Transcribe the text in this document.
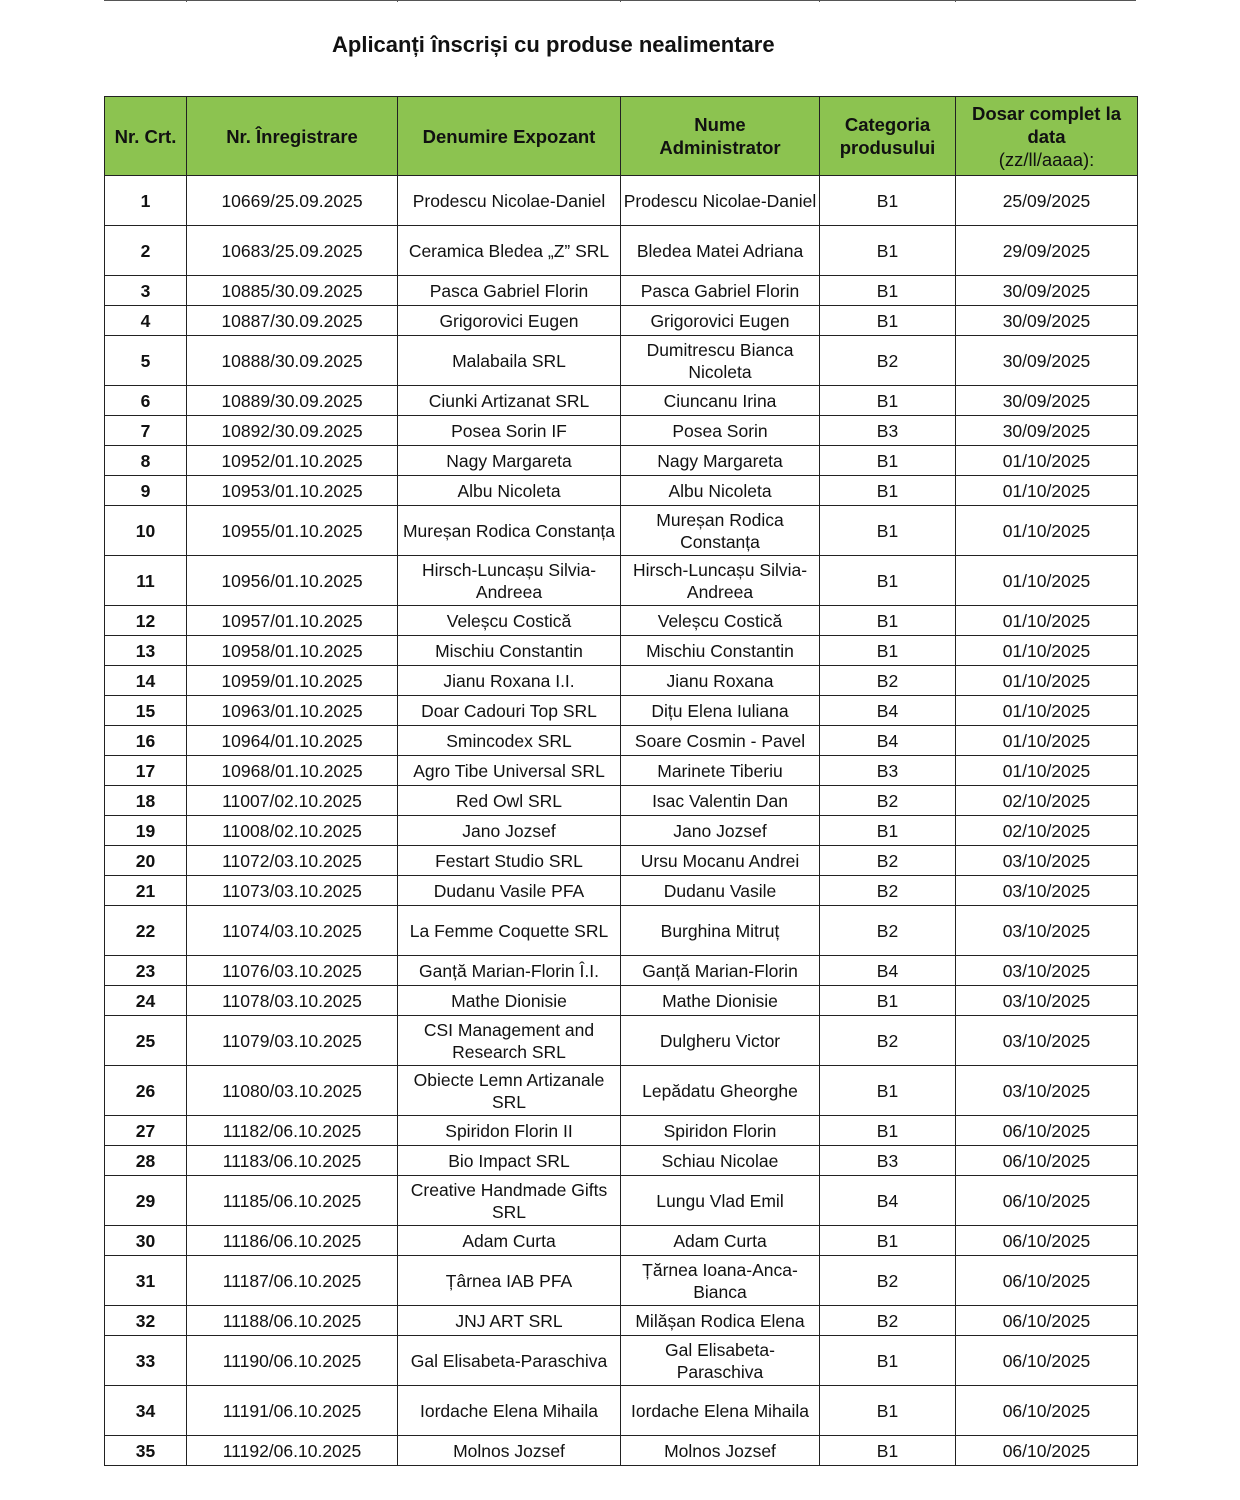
Aplicanți înscriși cu produse nealimentare
Nr. Crt.	Nr. Înregistrare	Denumire Expozant	Nume Administrator	Categoria produsului	Dosar complet la data
(zz/ll/aaaa):

1	10669/25.09.2025	Prodescu Nicolae-Daniel	Prodescu Nicolae-Daniel	B1	25/09/2025
2	10683/25.09.2025	Ceramica Bledea „Z” SRL	Bledea Matei Adriana	B1	29/09/2025
3	10885/30.09.2025	Pasca Gabriel Florin	Pasca Gabriel Florin	B1	30/09/2025
4	10887/30.09.2025	Grigorovici Eugen	Grigorovici Eugen	B1	30/09/2025
5	10888/30.09.2025	Malabaila SRL	Dumitrescu Bianca Nicoleta	B2	30/09/2025
6	10889/30.09.2025	Ciunki Artizanat SRL	Ciuncanu Irina	B1	30/09/2025
7	10892/30.09.2025	Posea Sorin IF	Posea Sorin	B3	30/09/2025
8	10952/01.10.2025	Nagy Margareta	Nagy Margareta	B1	01/10/2025
9	10953/01.10.2025	Albu Nicoleta	Albu Nicoleta	B1	01/10/2025
10	10955/01.10.2025	Mureșan Rodica Constanța	Mureșan Rodica Constanța	B1	01/10/2025
11	10956/01.10.2025	Hirsch-Luncașu Silvia-Andreea	Hirsch-Luncașu Silvia-Andreea	B1	01/10/2025
12	10957/01.10.2025	Veleșcu Costică	Veleșcu Costică	B1	01/10/2025
13	10958/01.10.2025	Mischiu Constantin	Mischiu Constantin	B1	01/10/2025
14	10959/01.10.2025	Jianu Roxana I.I.	Jianu Roxana	B2	01/10/2025
15	10963/01.10.2025	Doar Cadouri Top SRL	Dițu Elena Iuliana	B4	01/10/2025
16	10964/01.10.2025	Smincodex SRL	Soare Cosmin - Pavel	B4	01/10/2025
17	10968/01.10.2025	Agro Tibe Universal SRL	Marinete Tiberiu	B3	01/10/2025
18	11007/02.10.2025	Red Owl SRL	Isac Valentin Dan	B2	02/10/2025
19	11008/02.10.2025	Jano Jozsef	Jano Jozsef	B1	02/10/2025
20	11072/03.10.2025	Festart Studio SRL	Ursu Mocanu Andrei	B2	03/10/2025
21	11073/03.10.2025	Dudanu Vasile PFA	Dudanu Vasile	B2	03/10/2025
22	11074/03.10.2025	La Femme Coquette SRL	Burghina Mitruț	B2	03/10/2025
23	11076/03.10.2025	Ganță Marian-Florin Î.I.	Ganță Marian-Florin	B4	03/10/2025
24	11078/03.10.2025	Mathe Dionisie	Mathe Dionisie	B1	03/10/2025
25	11079/03.10.2025	CSI Management and Research SRL	Dulgheru Victor	B2	03/10/2025
26	11080/03.10.2025	Obiecte Lemn Artizanale SRL	Lepădatu Gheorghe	B1	03/10/2025
27	11182/06.10.2025	Spiridon Florin II	Spiridon Florin	B1	06/10/2025
28	11183/06.10.2025	Bio Impact SRL	Schiau Nicolae	B3	06/10/2025
29	11185/06.10.2025	Creative Handmade Gifts SRL	Lungu Vlad Emil	B4	06/10/2025
30	11186/06.10.2025	Adam Curta	Adam Curta	B1	06/10/2025
31	11187/06.10.2025	Țârnea IAB PFA	Țărnea Ioana-Anca-Bianca	B2	06/10/2025
32	11188/06.10.2025	JNJ ART SRL	Milășan Rodica Elena	B2	06/10/2025
33	11190/06.10.2025	Gal Elisabeta-Paraschiva	Gal Elisabeta-Paraschiva	B1	06/10/2025
34	11191/06.10.2025	Iordache Elena Mihaila	Iordache Elena Mihaila	B1	06/10/2025
35	11192/06.10.2025	Molnos Jozsef	Molnos Jozsef	B1	06/10/2025
